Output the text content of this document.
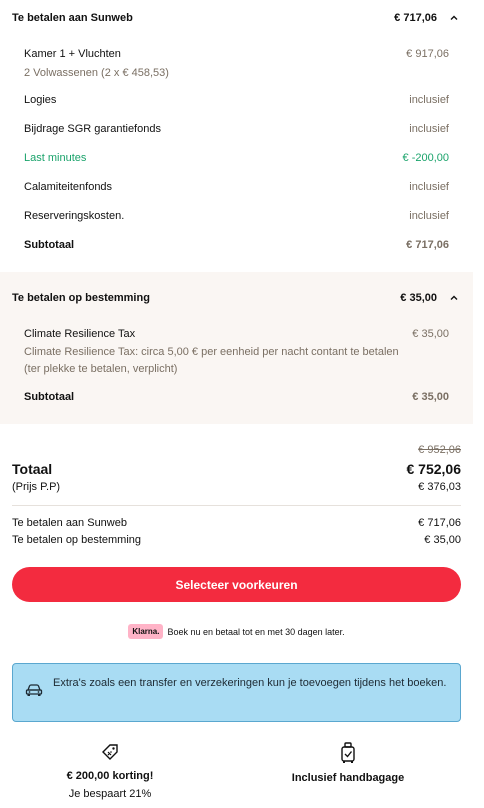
Te betalen aan Sunweb	€ 717,06
Kamer 1 + Vluchten	€ 917,06
2 Volwassenen (2 x € 458,53)
Logies	inclusief
Bijdrage SGR garantiefonds	inclusief
Last minutes	€ -200,00
Calamiteitenfonds	inclusief
Reserveringskosten.	inclusief
Subtotaal	€ 717,06
Te betalen op bestemming	€ 35,00
Climate Resilience Tax	€ 35,00
Climate Resilience Tax: circa 5,00 € per eenheid per nacht contant te betalen
(ter plekke te betalen, verplicht)
Subtotaal	€ 35,00
€ 952,06
Totaal	€ 752,06
(Prijs P.P)	€ 376,03
Te betalen aan Sunweb	€ 717,06
Te betalen op bestemming	€ 35,00
Selecteer voorkeuren
Klarna. Boek nu en betaal tot en met 30 dagen later.
Extra's zoals een transfer en verzekeringen kun je toevoegen tijdens het boeken.
€ 200,00 korting!
Je bespaart 21%
Inclusief handbagage
